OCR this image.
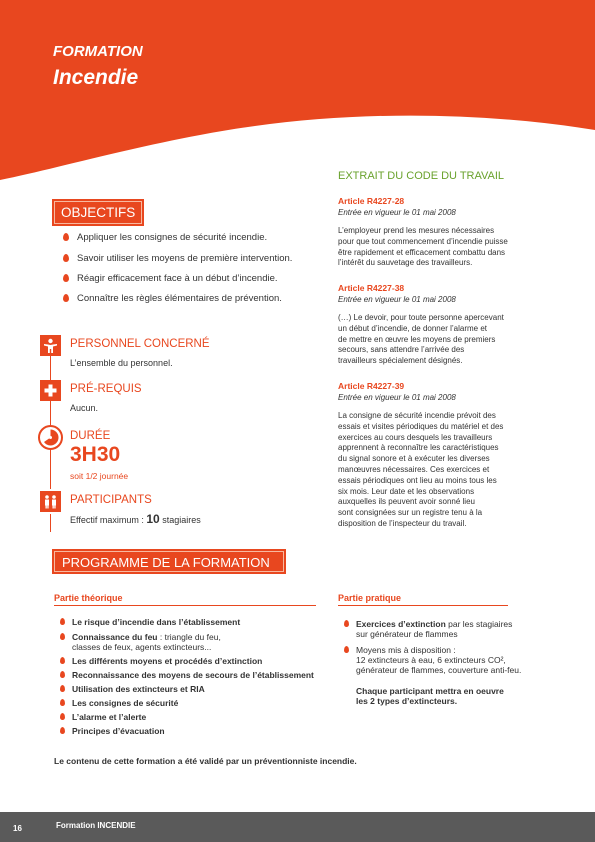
FORMATION
Incendie
OBJECTIFS
Appliquer les consignes de sécurité incendie.
Savoir utiliser les moyens de première intervention.
Réagir efficacement face à un début d’incendie.
Connaître les règles élémentaires de prévention.
PERSONNEL CONCERNÉ
L’ensemble du personnel.
PRÉ-REQUIS
Aucun.
DURÉE
3H30
soit 1/2 journée
PARTICIPANTS
Effectif maximum : 10 stagiaires
EXTRAIT DU CODE DU TRAVAIL
Article R4227-28
Entrée en vigueur le 01 mai 2008
L’employeur prend les mesures nécessaires
pour que tout commencement d’incendie puisse
être rapidement et efficacement combattu dans
l’intérêt du sauvetage des travailleurs.
Article R4227-38
Entrée en vigueur le 01 mai 2008
(…) Le devoir, pour toute personne apercevant
un début d’incendie, de donner l’alarme et
de mettre en œuvre les moyens de premiers
secours, sans attendre l’arrivée des
travailleurs spécialement désignés.
Article R4227-39
Entrée en vigueur le 01 mai 2008
La consigne de sécurité incendie prévoit des
essais et visites périodiques du matériel et des
exercices au cours desquels les travailleurs
apprennent à reconnaître les caractéristiques
du signal sonore et à exécuter les diverses
manœuvres nécessaires. Ces exercices et
essais périodiques ont lieu au moins tous les
six mois. Leur date et les observations
auxquelles ils peuvent avoir sonné lieu
sont consignées sur un registre tenu à la
disposition de l’inspecteur du travail.
PROGRAMME DE LA FORMATION
Partie théorique	Partie pratique
Le risque d’incendie dans l’établissement
Connaissance du feu : triangle du feu,
classes de feux, agents extincteurs...
Les différents moyens et procédés d’extinction
Reconnaissance des moyens de secours de l’établissement
Utilisation des extincteurs et RIA
Les consignes de sécurité
L’alarme et l’alerte
Principes d’évacuation
Exercices d’extinction par les stagiaires
sur générateur de flammes
Moyens mis à disposition :
12 extincteurs à eau, 6 extincteurs CO²,
générateur de flammes, couverture anti-feu.
Chaque participant mettra en oeuvre
les 2 types d’extincteurs.
Le contenu de cette formation a été validé par un préventionniste incendie.
16	Formation INCENDIE
